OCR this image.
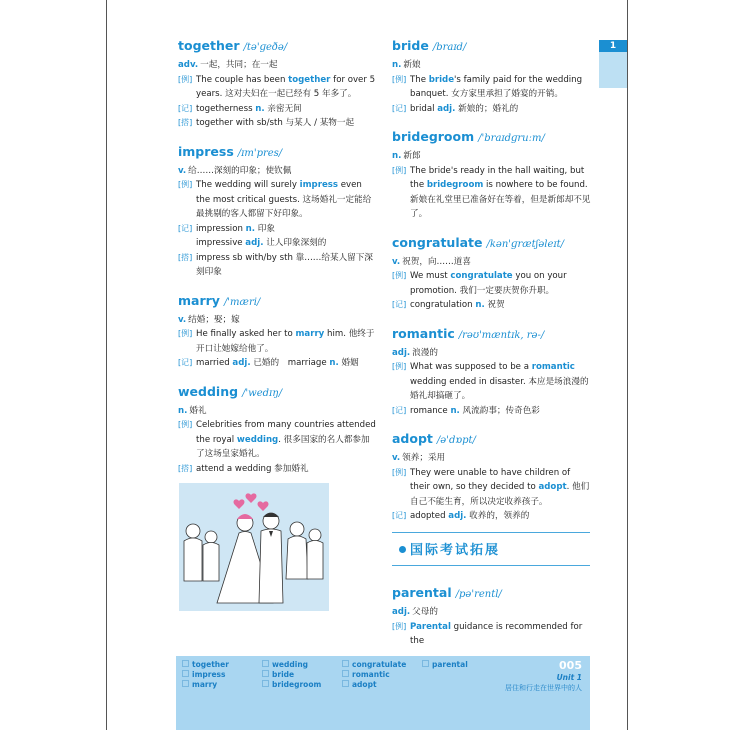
1
together /tə'ɡeðə/
adv. 一起，共同；在一起
[例] The couple has been together for over 5 years. 这对夫妇在一起已经有 5 年多了。
[记] togetherness n. 亲密无间
[搭] together with sb/sth 与某人 / 某物一起
impress /ɪm'pres/
v. 给……深刻的印象；使钦佩
[例] The wedding will surely impress even the most critical guests. 这场婚礼一定能给最挑剔的客人都留下好印象。
[记] impression n. 印象
impressive adj. 让人印象深刻的
[搭] impress sb with/by sth 靠……给某人留下深刻印象
marry /'mæri/
v. 结婚；娶；嫁
[例] He finally asked her to marry him. 他终于开口让她嫁给他了。
[记] married adj. 已婚的　marriage n. 婚姻
wedding /'wedɪŋ/
n. 婚礼
[例] Celebrities from many countries attended the royal wedding. 很多国家的名人都参加了这场皇家婚礼。
[搭] attend a wedding 参加婚礼
bride /braɪd/
n. 新娘
[例] The bride's family paid for the wedding banquet. 女方家里承担了婚宴的开销。
[记] bridal adj. 新娘的；婚礼的
bridegroom /'braɪdɡruːm/
n. 新郎
[例] The bride's ready in the hall waiting, but the bridegroom is nowhere to be found. 新娘在礼堂里已准备好在等着，但是新郎却不见了。
congratulate /kən'ɡrætʃəleɪt/
v. 祝贺，向……道喜
[例] We must congratulate you on your promotion. 我们一定要庆贺你升职。
[记] congratulation n. 祝贺
romantic /rəʊ'mæntɪk, rə-/
adj. 浪漫的
[例] What was supposed to be a romantic wedding ended in disaster. 本应是场浪漫的婚礼却搞砸了。
[记] romance n. 风流韵事；传奇色彩
adopt /ə'dɒpt/
v. 领养；采用
[例] They were unable to have children of their own, so they decided to adopt. 他们自己不能生育，所以决定收养孩子。
[记] adopted adj. 收养的，领养的
国际考试拓展
parental /pə'rentl/
adj. 父母的
[例] Parental guidance is recommended for the
together
impress
marry
wedding
bride
bridegroom
congratulate
romantic
adopt
parental	005
Unit 1
居住和行走在世界中的人
